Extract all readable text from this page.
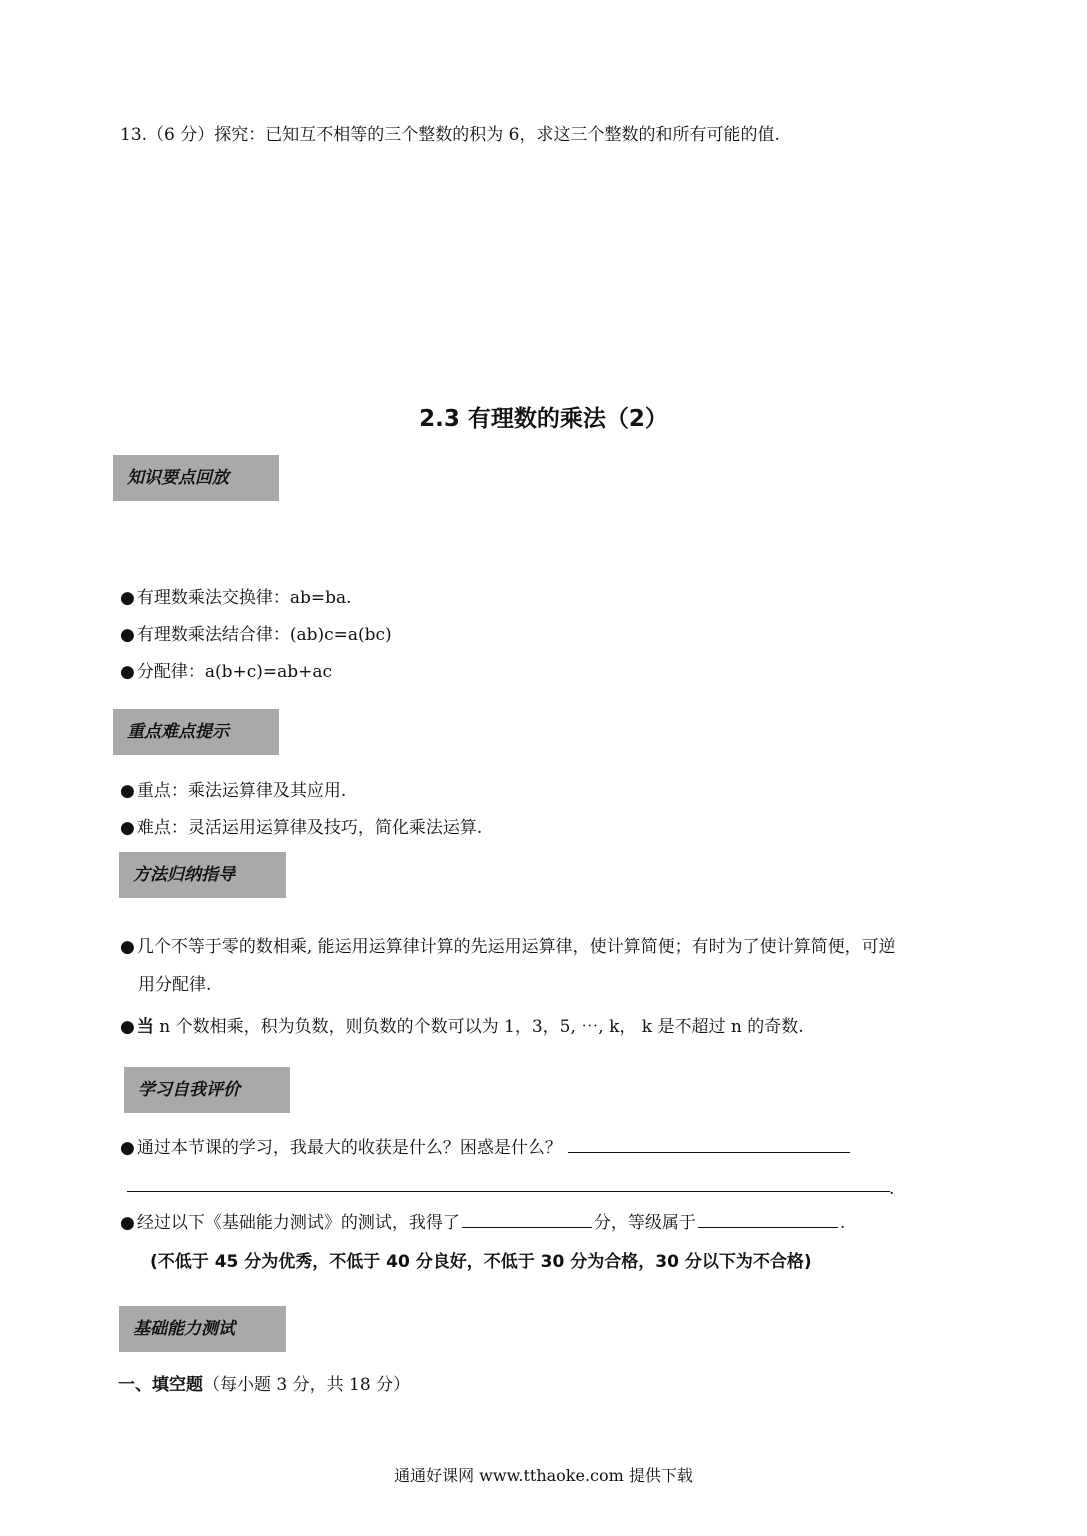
13.（6 分）探究：已知互不相等的三个整数的积为 6，求这三个整数的和所有可能的值.
2.3 有理数的乘法（2）
知识要点回放
● 有理数乘法交换律：ab=ba.
● 有理数乘法结合律：(ab)c=a(bc)
● 分配律：a(b+c)=ab+ac
重点难点提示
● 重点：乘法运算律及其应用.
● 难点：灵活运用运算律及技巧，简化乘法运算.
方法归纳指导
● 几个不等于零的数相乘, 能运用运算律计算的先运用运算律，使计算简便；有时为了使计算简便，可逆
用分配律.
● 当 n 个数相乘，积为负数，则负数的个数可以为 1，3，5, ⋯, k， k 是不超过 n 的奇数.
学习自我评价
● 通过本节课的学习，我最大的收获是什么？困惑是什么？
.
● 经过以下《基础能力测试》的测试，我得了	分，等级属于	.
(不低于 45 分为优秀，不低于 40 分良好，不低于 30 分为合格，30 分以下为不合格)
基础能力测试
一、填空题（每小题 3 分，共 18 分）
通通好课网 www.tthaoke.com 提供下载
